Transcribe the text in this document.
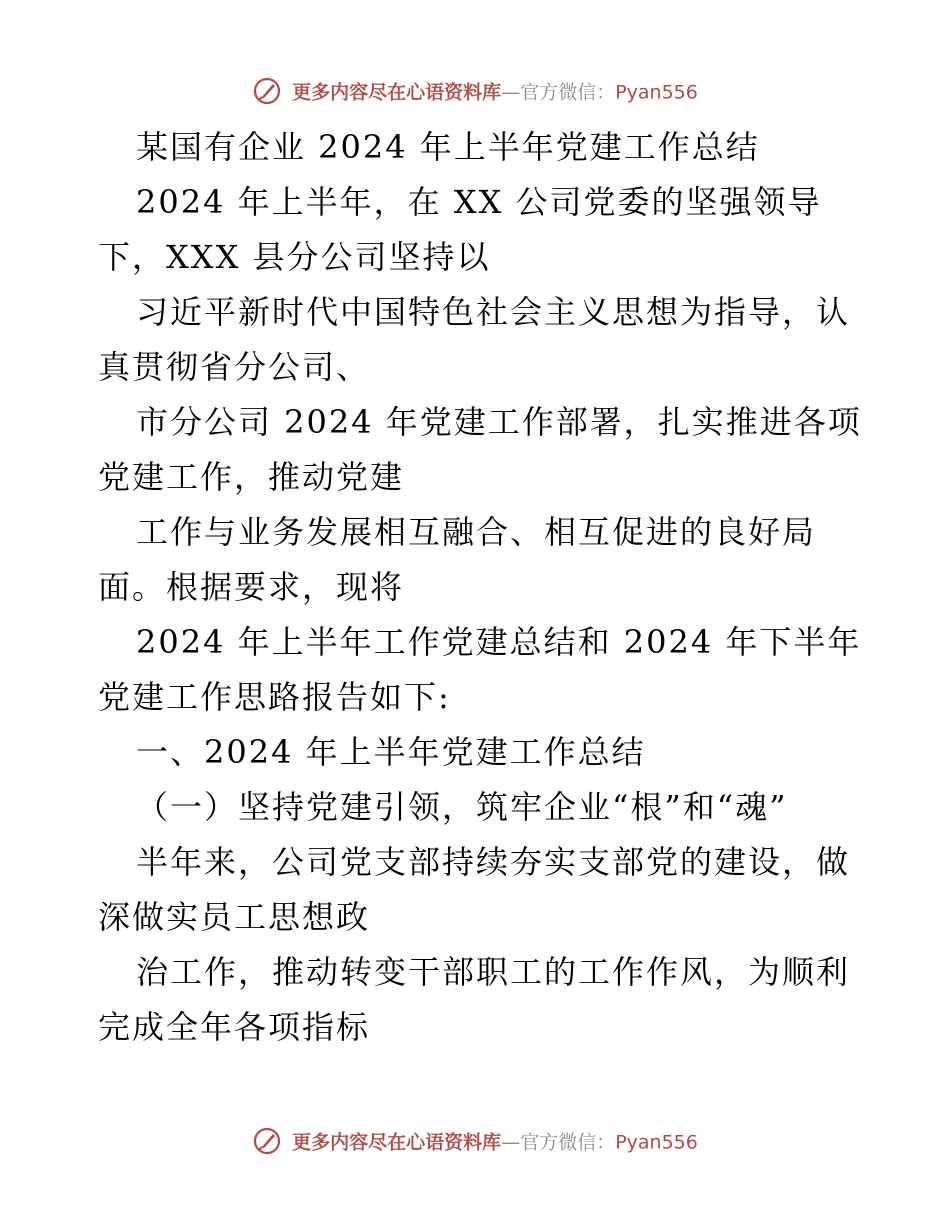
更多内容尽在心语资料库—官方微信：Pyan556
某国有企业 2024 年上半年党建工作总结
2024 年上半年，在 XX 公司党委的坚强领导
下，XXX 县分公司坚持以
习近平新时代中国特色社会主义思想为指导，认
真贯彻省分公司、
市分公司 2024 年党建工作部署，扎实推进各项
党建工作，推动党建
工作与业务发展相互融合、相互促进的良好局
面。根据要求，现将
2024 年上半年工作党建总结和 2024 年下半年
党建工作思路报告如下:
一、2024 年上半年党建工作总结
（一）坚持党建引领，筑牢企业“根”和“魂”
半年来，公司党支部持续夯实支部党的建设，做
深做实员工思想政
治工作，推动转变干部职工的工作作风，为顺利
完成全年各项指标
更多内容尽在心语资料库—官方微信：Pyan556
